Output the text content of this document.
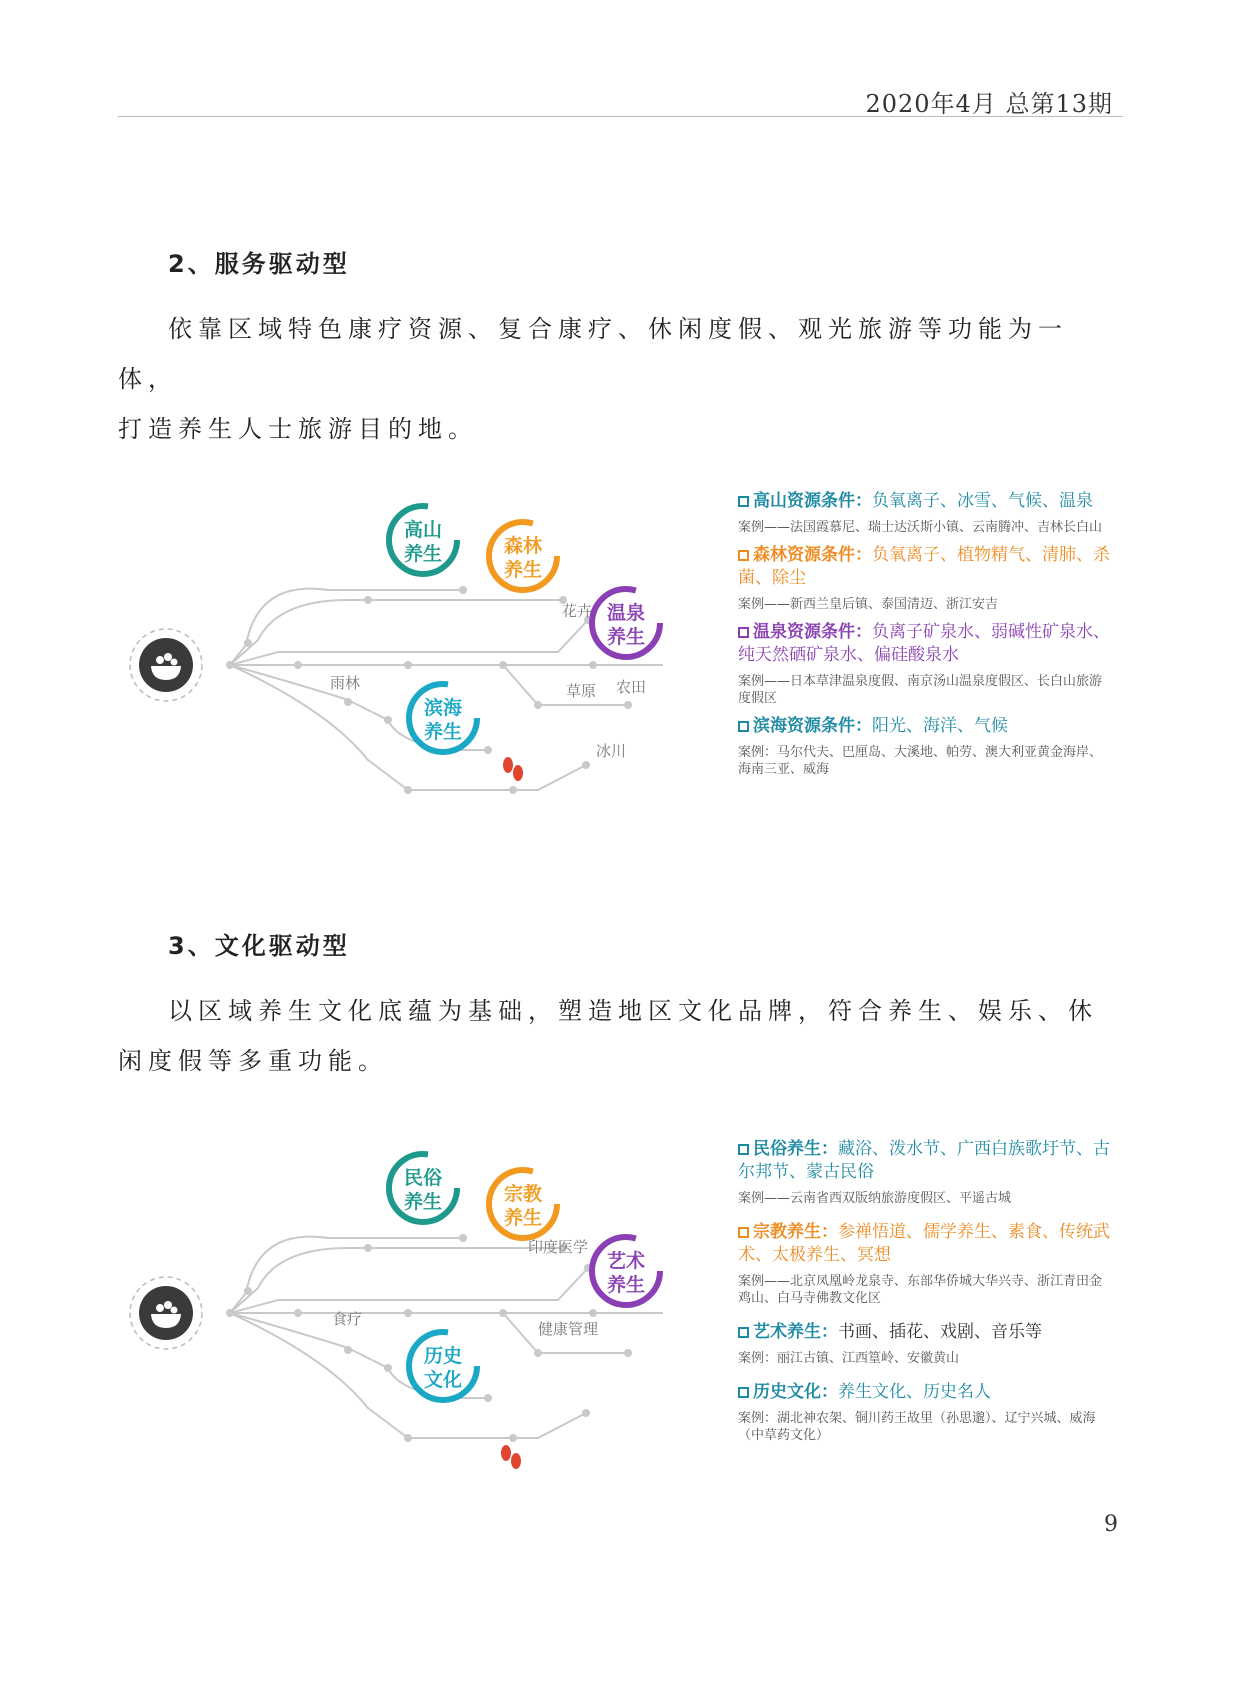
2020年4月 总第13期
2、服务驱动型
依靠区域特色康疗资源、复合康疗、休闲度假、观光旅游等功能为一体，
打造养生人士旅游目的地。
高山
养生	森林
养生
温泉
养生
滨海
养生
花卉
雨林	草原 农田
冰川
高山资源条件：负氧离子、冰雪、气候、温泉
案例——法国霞慕尼、瑞士达沃斯小镇、云南腾冲、吉林长白山
森林资源条件：负氧离子、植物精气、清肺、杀菌、除尘
案例——新西兰皇后镇、泰国清迈、浙江安吉
温泉资源条件：负离子矿泉水、弱碱性矿泉水、纯天然硒矿泉水、偏硅酸泉水
案例——日本草津温泉度假、南京汤山温泉度假区、长白山旅游度假区
滨海资源条件：阳光、海洋、气候
案例：马尔代夫、巴厘岛、大溪地、帕劳、澳大利亚黄金海岸、海南三亚、威海
3、文化驱动型
以区域养生文化底蕴为基础，塑造地区文化品牌，符合养生、娱乐、休
闲度假等多重功能。
民俗
养生	宗教
养生
艺术
养生
历史
文化
印度医学
食疗
健康管理
民俗养生：藏浴、泼水节、广西白族歌圩节、古尔邦节、蒙古民俗
案例——云南省西双版纳旅游度假区、平遥古城
宗教养生：参禅悟道、儒学养生、素食、传统武术、太极养生、冥想
案例——北京凤凰岭龙泉寺、东部华侨城大华兴寺、浙江青田金鸡山、白马寺佛教文化区
艺术养生：书画、插花、戏剧、音乐等
案例：丽江古镇、江西篁岭、安徽黄山
历史文化：养生文化、历史名人
案例：湖北神农架、铜川药王故里（孙思邈）、辽宁兴城、威海（中草药文化）
9
